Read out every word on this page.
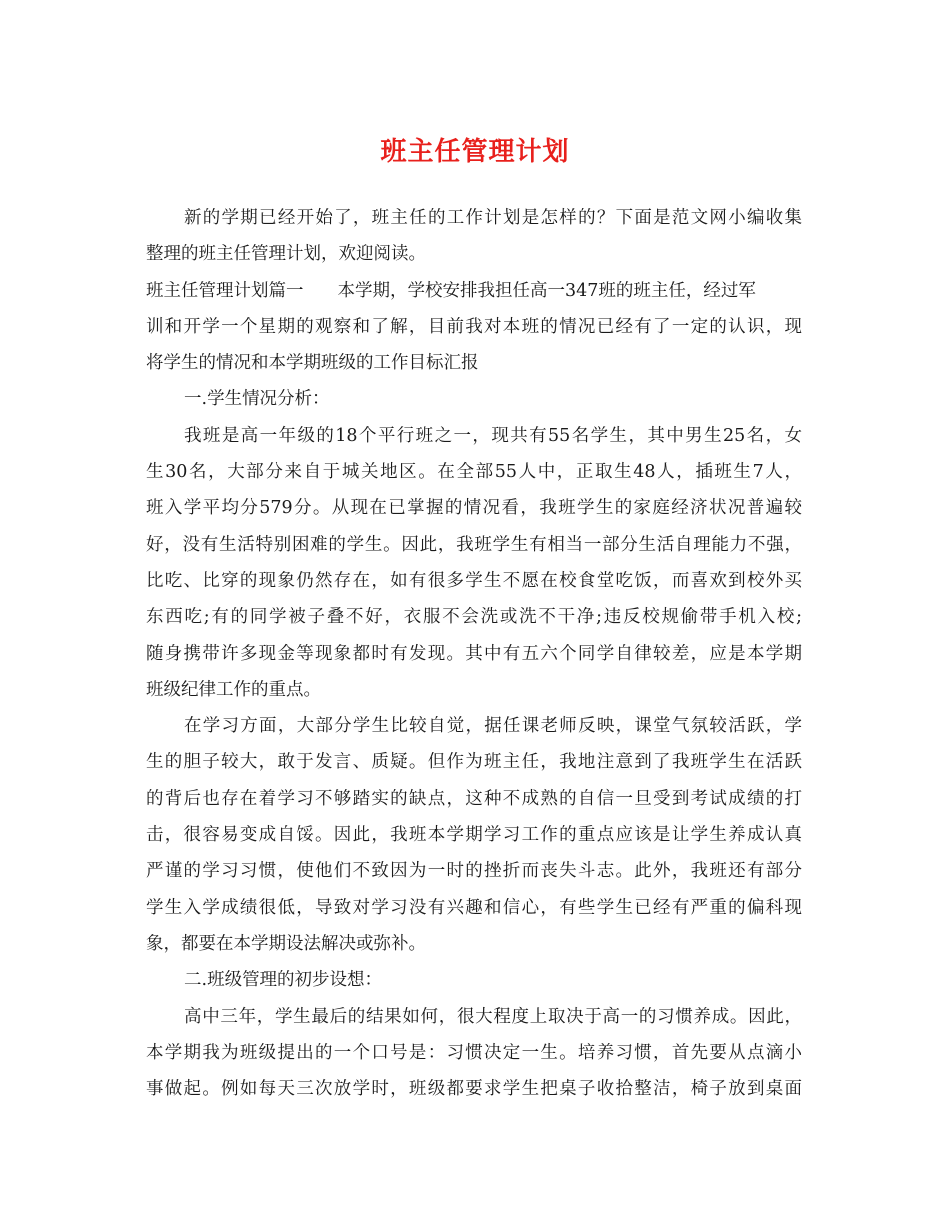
班主任管理计划
新的学期已经开始了，班主任的工作计划是怎样的？下面是范文网小编收集
整理的班主任管理计划，欢迎阅读。
班主任管理计划篇一 本学期，学校安排我担任高一347班的班主任，经过军
训和开学一个星期的观察和了解，目前我对本班的情况已经有了一定的认识，现
将学生的情况和本学期班级的工作目标汇报
一.学生情况分析：
我班是高一年级的18个平行班之一，现共有55名学生，其中男生25名，女
生30名，大部分来自于城关地区。在全部55人中，正取生48人，插班生7人，
班入学平均分579分。从现在已掌握的情况看，我班学生的家庭经济状况普遍较
好，没有生活特别困难的学生。因此，我班学生有相当一部分生活自理能力不强，
比吃、比穿的现象仍然存在，如有很多学生不愿在校食堂吃饭，而喜欢到校外买
东西吃;有的同学被子叠不好，衣服不会洗或洗不干净;违反校规偷带手机入校;
随身携带许多现金等现象都时有发现。其中有五六个同学自律较差，应是本学期
班级纪律工作的重点。
在学习方面，大部分学生比较自觉，据任课老师反映，课堂气氛较活跃，学
生的胆子较大，敢于发言、质疑。但作为班主任，我地注意到了我班学生在活跃
的背后也存在着学习不够踏实的缺点，这种不成熟的自信一旦受到考试成绩的打
击，很容易变成自馁。因此，我班本学期学习工作的重点应该是让学生养成认真
严谨的学习习惯，使他们不致因为一时的挫折而丧失斗志。此外，我班还有部分
学生入学成绩很低，导致对学习没有兴趣和信心，有些学生已经有严重的偏科现
象，都要在本学期设法解决或弥补。
二.班级管理的初步设想：
高中三年，学生最后的结果如何，很大程度上取决于高一的习惯养成。因此，
本学期我为班级提出的一个口号是：习惯决定一生。培养习惯，首先要从点滴小
事做起。例如每天三次放学时，班级都要求学生把桌子收拾整洁，椅子放到桌面
